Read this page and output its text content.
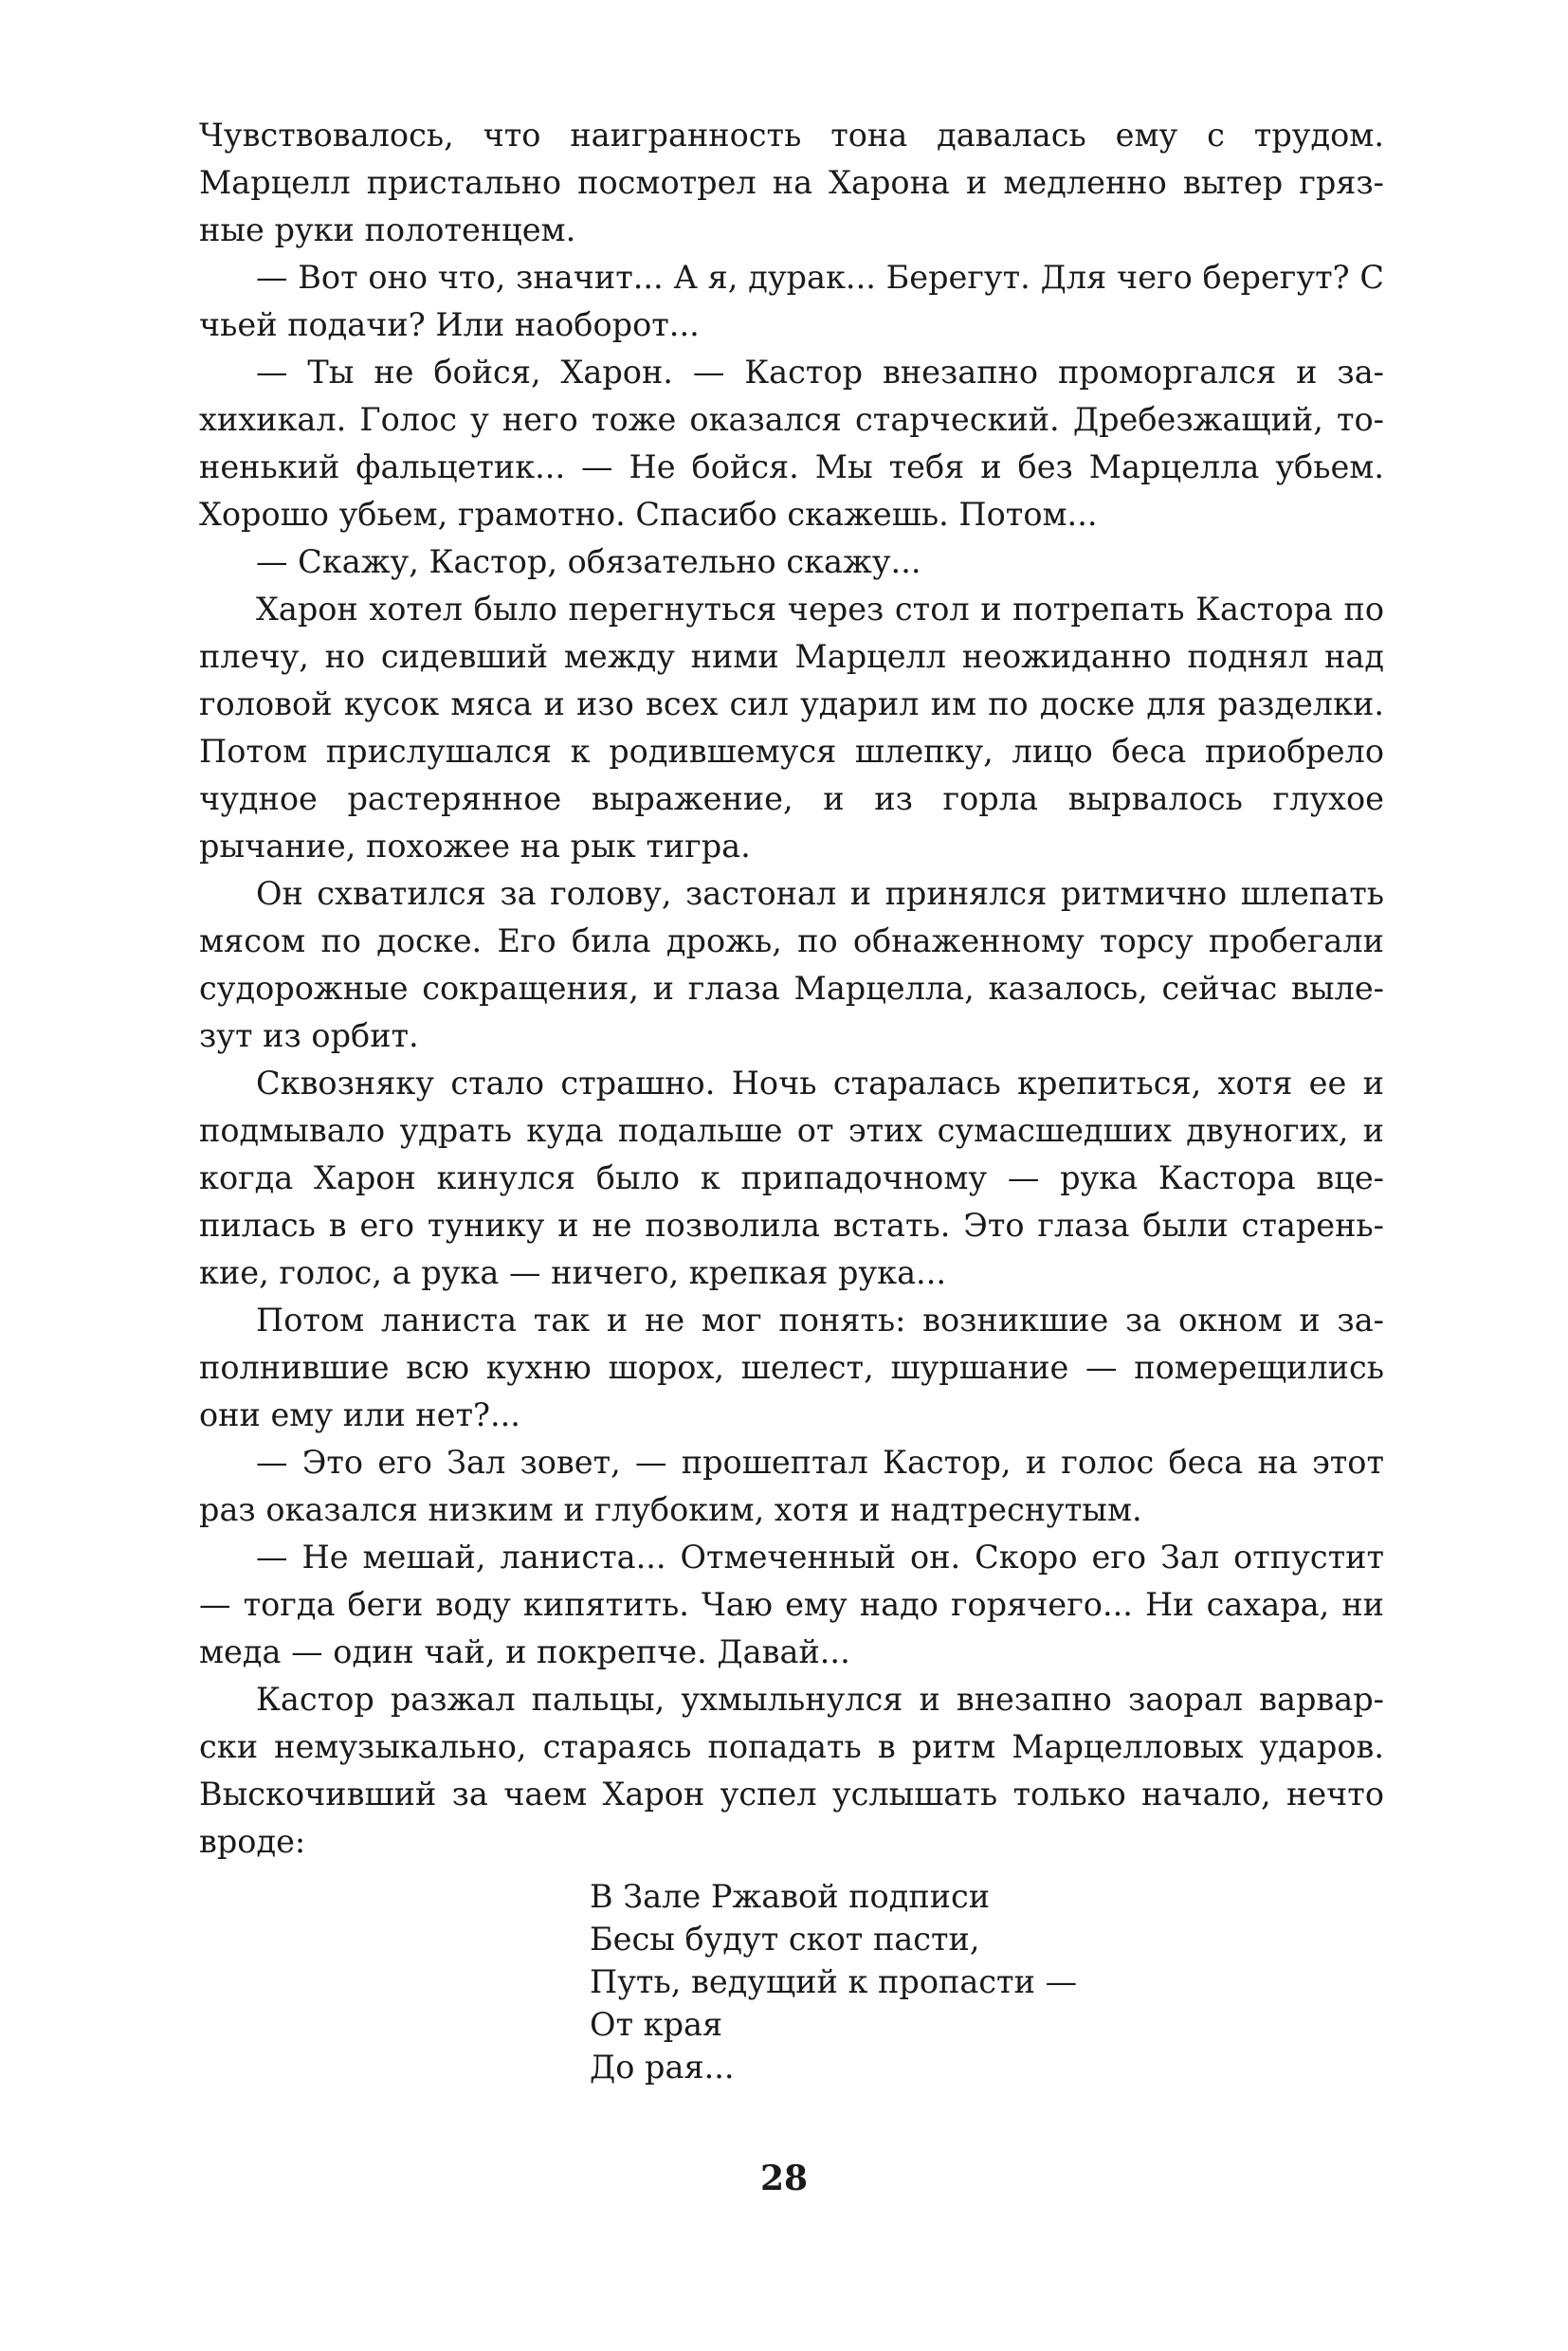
Чувствовалось, что наигранность тона давалась ему с трудом. Марцелл пристально посмотрел на Харона и медленно вытер грязные руки полотенцем.

— Вот оно что, значит... А я, дурак... Берегут. Для чего берегут? С чьей подачи? Или наоборот...

— Ты не бойся, Харон. — Кастор внезапно проморгался и захихикал. Голос у него тоже оказался старческий. Дребезжащий, тоненький фальцетик... — Не бойся. Мы тебя и без Марцелла убьем. Хорошо убьем, грамотно. Спасибо скажешь. Потом...

— Скажу, Кастор, обязательно скажу...

Харон хотел было перегнуться через стол и потрепать Кастора по плечу, но сидевший между ними Марцелл неожиданно поднял над головой кусок мяса и изо всех сил ударил им по доске для разделки. Потом прислушался к родившемуся шлепку, лицо беса приобрело чудное растерянное выражение, и из горла вырвалось глухое рычание, похожее на рык тигра.

Он схватился за голову, застонал и принялся ритмично шлепать мясом по доске. Его била дрожь, по обнаженному торсу пробегали судорожные сокращения, и глаза Марцелла, казалось, сейчас вылезут из орбит.

Сквозняку стало страшно. Ночь старалась крепиться, хотя ее и подмывало удрать куда подальше от этих сумасшедших двуногих, и когда Харон кинулся было к припадочному — рука Кастора вцепилась в его тунику и не позволила встать. Это глаза были старенькие, голос, а рука — ничего, крепкая рука...

Потом ланиста так и не мог понять: возникшие за окном и заполнившие всю кухню шорох, шелест, шуршание — померещились они ему или нет?...

— Это его Зал зовет, — прошептал Кастор, и голос беса на этот раз оказался низким и глубоким, хотя и надтреснутым.

— Не мешай, ланиста... Отмеченный он. Скоро его Зал отпустит — тогда беги воду кипятить. Чаю ему надо горячего... Ни сахара, ни меда — один чай, и покрепче. Давай...

Кастор разжал пальцы, ухмыльнулся и внезапно заорал варварски немузыкально, стараясь попадать в ритм Марцелловых ударов. Выскочивший за чаем Харон успел услышать только начало, нечто вроде:

В Зале Ржавой подписи
Бесы будут скот пасти,
Путь, ведущий к пропасти —
От края
До рая...
28
